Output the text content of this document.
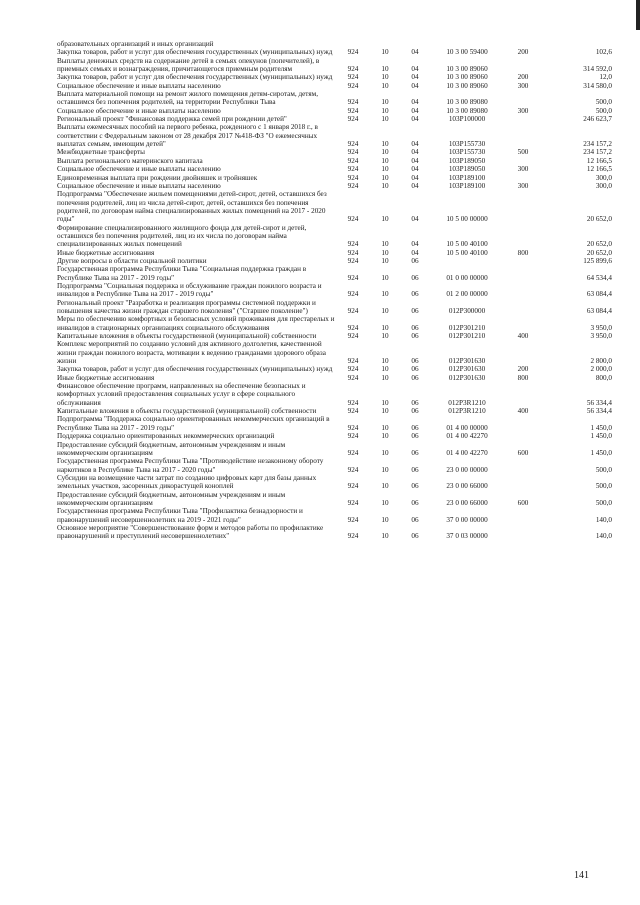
образовательных организаций и иных организаций						
Закупка товаров, работ и услуг для обеспечения государственных (муниципальных) нужд	924	10	04	10 3 00 59400	200	102,6
Выплаты денежных средств на содержание детей в семьях опекунов (попечителей), в приемных семьях и вознаграждения, причитающегося приемным родителям	924	10	04	10 3 00 89060		314 592,0
Закупка товаров, работ и услуг для обеспечения государственных (муниципальных) нужд	924	10	04	10 3 00 89060	200	12,0
Социальное обеспечение и иные выплаты населению	924	10	04	10 3 00 89060	300	314 580,0
Выплата материальной помощи на ремонт жилого помещения детям-сиротам, детям, оставшимся без попечения родителей, на территории Республики Тыва	924	10	04	10 3 00 89080		500,0
Социальное обеспечение и иные выплаты населению	924	10	04	10 3 00 89080	300	500,0
Региональный проект "Финансовая поддержка семей при рождении детей"	924	10	04	103P100000		246 623,7
Выплаты ежемесячных пособий на первого ребенка, рожденного с 1 января 2018 г., в соответствии с Федеральным законом от 28 декабря 2017 №418-ФЗ "О ежемесячных выплатах семьям, имеющим детей"	924	10	04	103P155730		234 157,2
Межбюджетные трансферты	924	10	04	103P155730	500	234 157,2
Выплата регионального материнского капитала	924	10	04	103P189050		12 166,5
Социальное обеспечение и иные выплаты населению	924	10	04	103P189050	300	12 166,5
Единовременная выплата при рождении двойняшек и тройняшек	924	10	04	103P189100		300,0
Социальное обеспечение и иные выплаты населению	924	10	04	103P189100	300	300,0
Подпрограмма "Обеспечение жильем помещениями детей-сирот, детей, оставшихся без попечения родителей, лиц из числа детей-сирот, детей, оставшихся без попечения родителей, по договорам найма специализированных жилых помещений на 2017 - 2020 годы"	924	10	04	10 5 00 00000		20 652,0
Формирование специализированного жилищного фонда для детей-сирот и детей, оставшихся без попечения родителей, лиц из их числа по договорам найма специализированных жилых помещений	924	10	04	10 5 00 40100		20 652,0
Иные бюджетные ассигнования	924	10	04	10 5 00 40100	800	20 652,0
Другие вопросы в области социальной политики	924	10	06			125 899,6
Государственная программа Республики Тыва "Социальная поддержка граждан в Республике Тыва на 2017 - 2019 годы"	924	10	06	01 0 00 00000		64 534,4
Подпрограмма "Социальная поддержка и обслуживание граждан пожилого возраста и инвалидов в Республике Тыва на 2017 - 2019 годы"	924	10	06	01 2 00 00000		63 084,4
Региональный проект "Разработка и реализация программы системной поддержки и повышения качества жизни граждан старшего поколения" ("Старшее поколение")	924	10	06	012P300000		63 084,4
Меры по обеспечению комфортных и безопасных условий проживания для престарелых и инвалидов в стационарных организациях социального обслуживания	924	10	06	012P301210		3 950,0
Капитальные вложения в объекты государственной (муниципальной) собственности	924	10	06	012P301210	400	3 950,0
Комплекс мероприятий по созданию условий для активного долголетия, качественной жизни граждан пожилого возраста, мотивации к ведению гражданами здорового образа жизни	924	10	06	012P301630		2 800,0
Закупка товаров, работ и услуг для обеспечения государственных (муниципальных) нужд	924	10	06	012P301630	200	2 000,0
Иные бюджетные ассигнования	924	10	06	012P301630	800	800,0
Финансовое обеспечение программ, направленных на обеспечение безопасных и комфортных условий предоставления социальных услуг в сфере социального обслуживания	924	10	06	012P3R1210		56 334,4
Капитальные вложения в объекты государственной (муниципальной) собственности	924	10	06	012P3R1210	400	56 334,4
Подпрограмма "Поддержка социально ориентированных некоммерческих организаций в Республике Тыва на 2017 - 2019 годы"	924	10	06	01 4 00 00000		1 450,0
Поддержка социально ориентированных некоммерческих организаций	924	10	06	01 4 00 42270		1 450,0
Предоставление субсидий бюджетным, автономным учреждениям и иным некоммерческим организациям	924	10	06	01 4 00 42270	600	1 450,0
Государственная программа Республики Тыва "Противодействие незаконному обороту наркотиков в Республике Тыва на 2017 - 2020 годы"	924	10	06	23 0 00 00000		500,0
Субсидии на возмещение части затрат по созданию цифровых карт для базы данных земельных участков, засоренных дикорастущей коноплей	924	10	06	23 0 00 66000		500,0
Предоставление субсидий бюджетным, автономным учреждениям и иным некоммерческим организациям	924	10	06	23 0 00 66000	600	500,0
Государственная программа Республики Тыва "Профилактика безнадзорности и правонарушений несовершеннолетних на 2019 - 2021 годы"	924	10	06	37 0 00 00000		140,0
Основное мероприятие "Совершенствование форм и методов работы по профилактике правонарушений и преступлений несовершеннолетних"	924	10	06	37 0 03 00000		140,0
141
